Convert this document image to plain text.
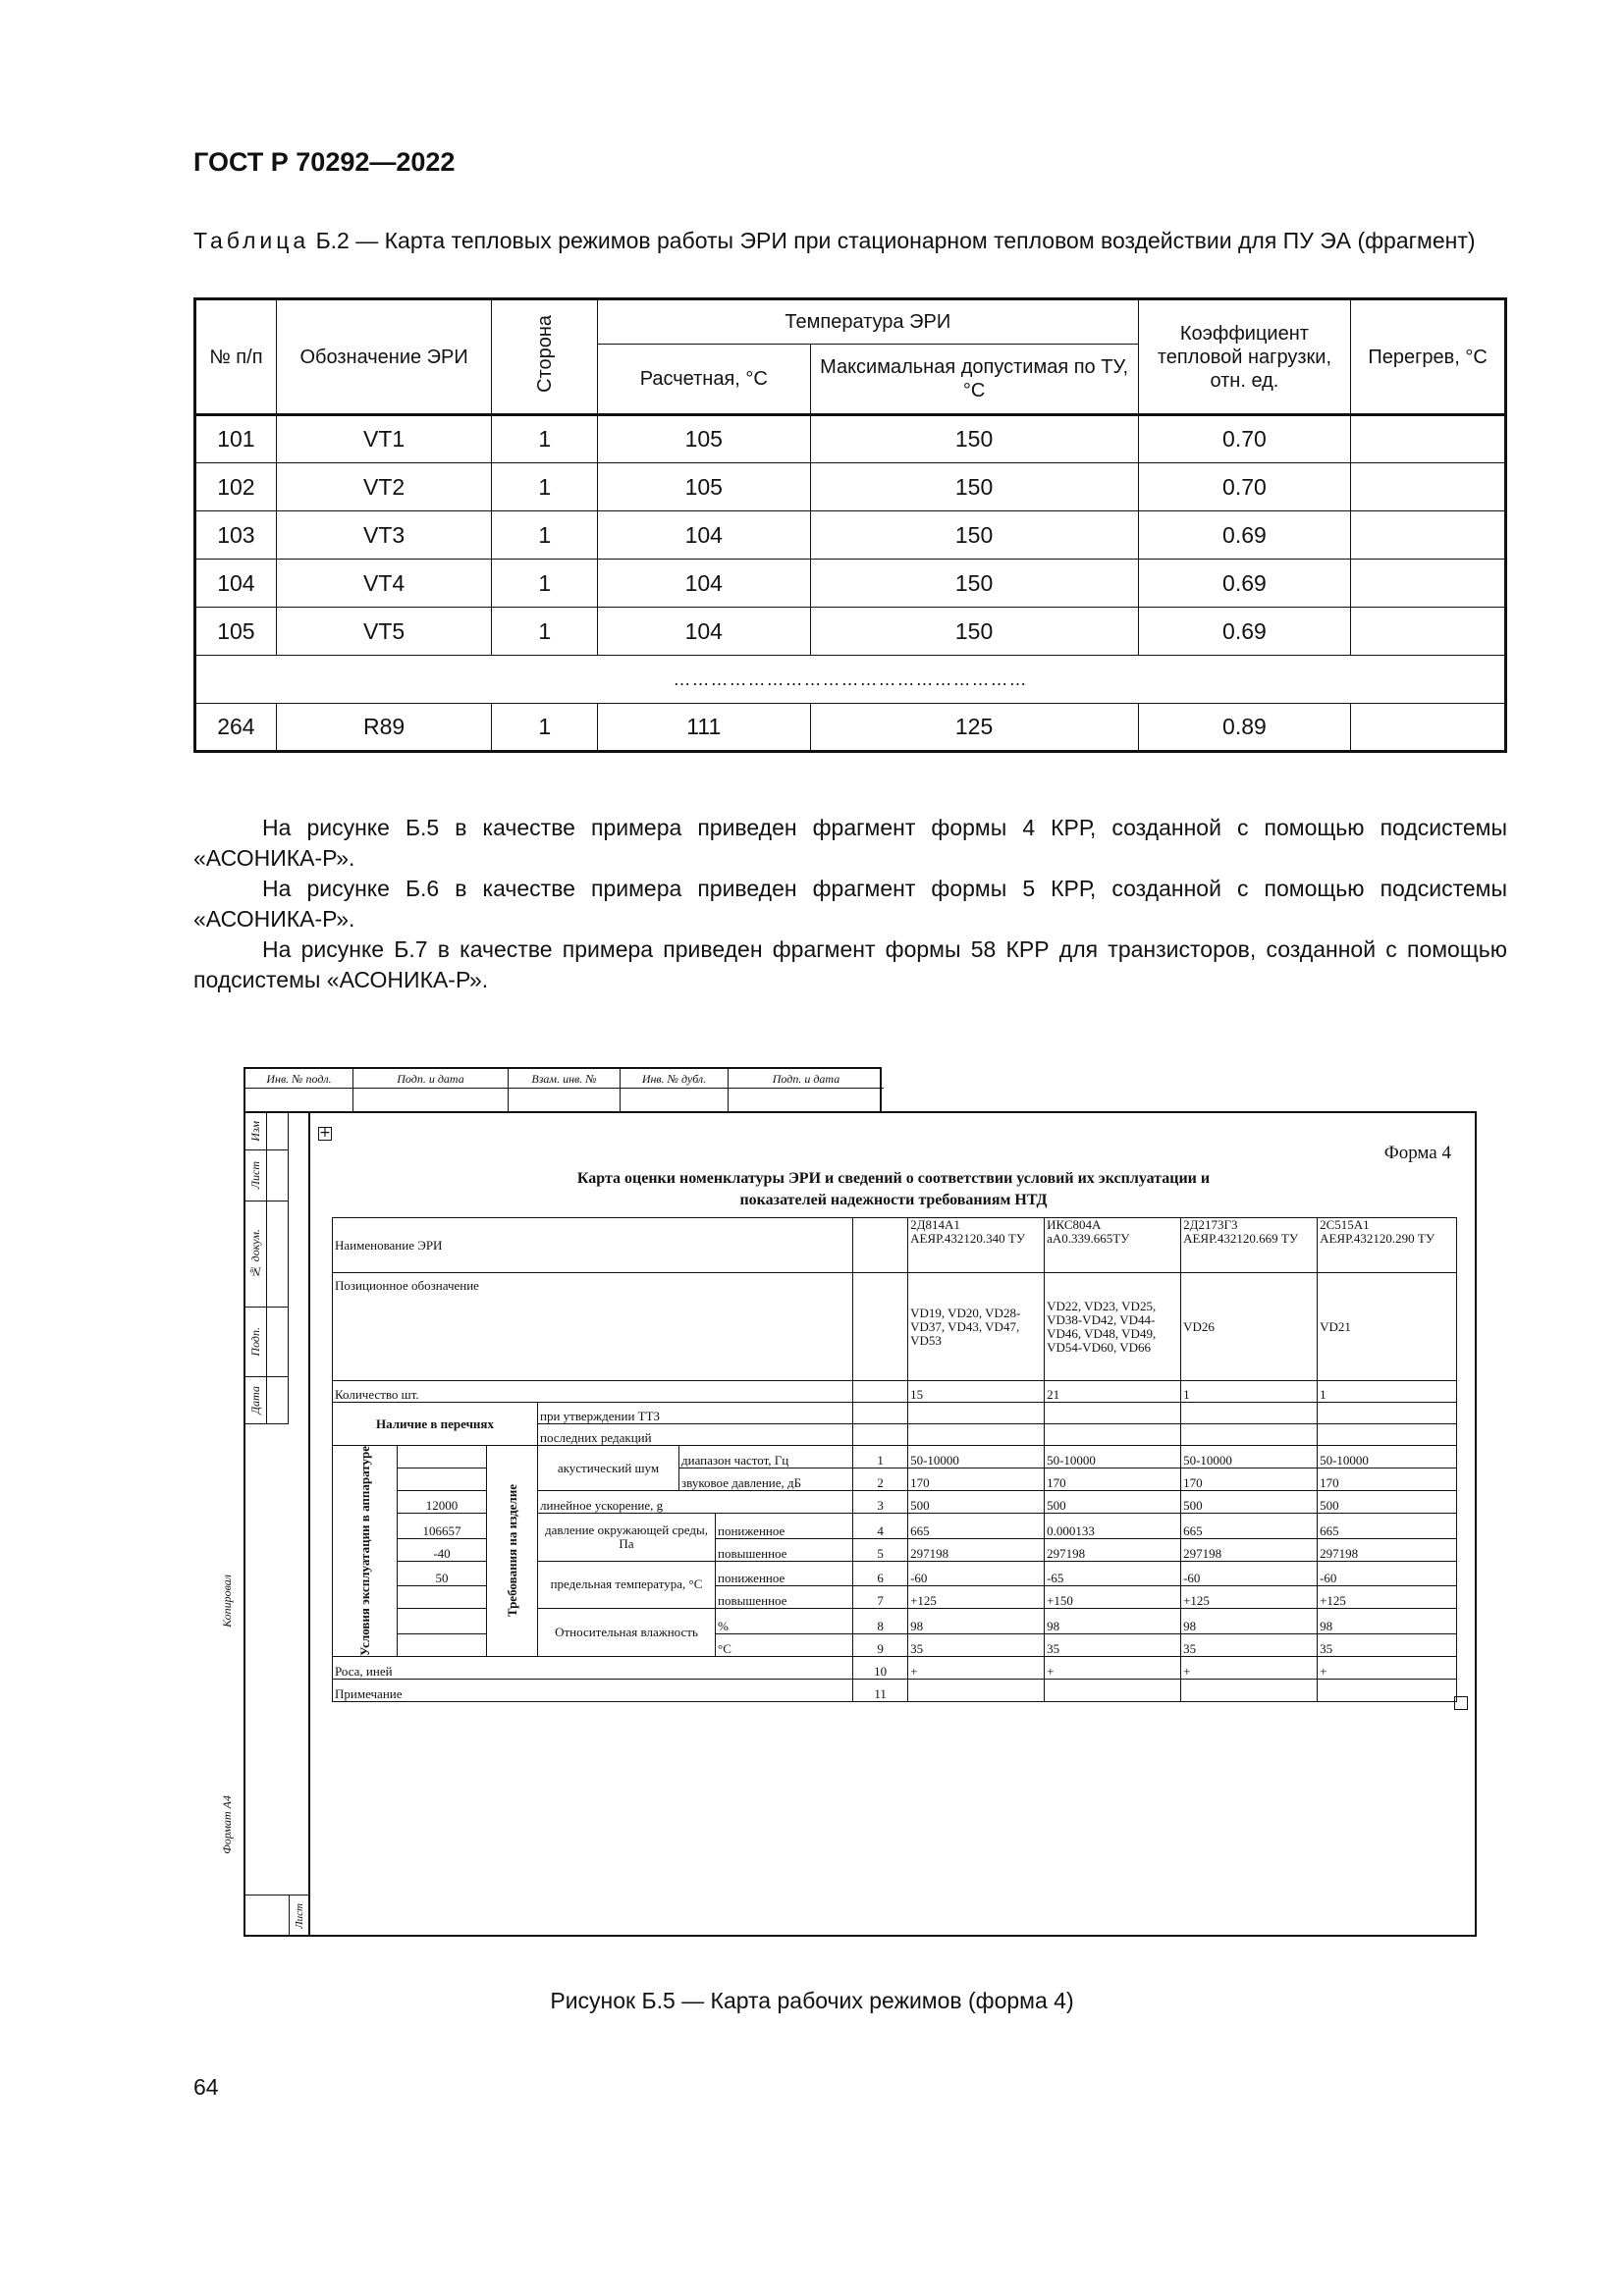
ГОСТ Р 70292—2022
Таблица Б.2 — Карта тепловых режимов работы ЭРИ при стационарном тепловом воздействии для ПУ ЭА (фрагмент)
№ п/п	Обозначение ЭРИ	Сторона	Температура ЭРИ		Коэффициент тепловой нагрузки, отн. ед.	Перегрев, °С
			Расчетная, °С	Максимальная допустимая по ТУ, °С		
101	VT1	1	105	150	0.70	
102	VT2	1	105	150	0.70	
103	VT3	1	104	150	0.69	
104	VT4	1	104	150	0.69	
105	VT5	1	104	150	0.69	
…………………………………………………						
264	R89	1	111	125	0.89	

На рисунке Б.5 в качестве примера приведен фрагмент формы 4 КРР, созданной с помощью подсистемы «АСОНИКА-Р».

На рисунке Б.6 в качестве примера приведен фрагмент формы 5 КРР, созданной с помощью подсистемы «АСОНИКА-Р».

На рисунке Б.7 в качестве примера приведен фрагмент формы 58 КРР для транзисторов, созданной с помощью подсистемы «АСОНИКА-Р».

Инв. № подл.	Подп. и дата	Взам. инв. №	Инв. № дубл.	Подп. и дата
Изм
Лист
№ докум.
Подп.
Дата
Лист
Копировал
Формат А4
+
Форма 4
Карта оценки номенклатуры ЭРИ и сведений о соответствии условий их эксплуатации и
показателей надежности требованиям НТД
Наименование ЭРИ							2Д814А1 АЕЯР.432120.340 ТУ	ИКС804А аА0.339.665ТУ	2Д2173Г3 АЕЯР.432120.669 ТУ	2С515А1 АЕЯР.432120.290 ТУ
Позиционное обозначение							VD19, VD20, VD28-VD37, VD43, VD47, VD53	VD22, VD23, VD25, VD38-VD42, VD44-VD46, VD48, VD49, VD54-VD60, VD66	VD26	VD21
Количество шт.							15	21	1	1
Наличие в перечнях			при утверждении ТТЗ							
			последних редакций							

Условия эксплуатации в аппаратуре		Требования на изделие	акустический шум	диапазон частот, Гц		1	50-10000	50-10000	50-10000	50-10000
				звуковое давление, дБ		2	170	170	170	170
	12000		линейное ускорение, g			3	500	500	500	500
	106657		давление окружающей среды, Па		пониженное	4	665	0.000133	665	665
	-40				повышенное	5	297198	297198	297198	297198
	50		предельная температура, °С		пониженное	6	-60	-65	-60	-60
					повышенное	7	+125	+150	+125	+125
			Относительная влажность		%	8	98	98	98	98
					°С	9	35	35	35	35
Роса, иней						10	+	+	+	+
Примечание						11				
Рисунок Б.5 — Карта рабочих режимов (форма 4)
64
